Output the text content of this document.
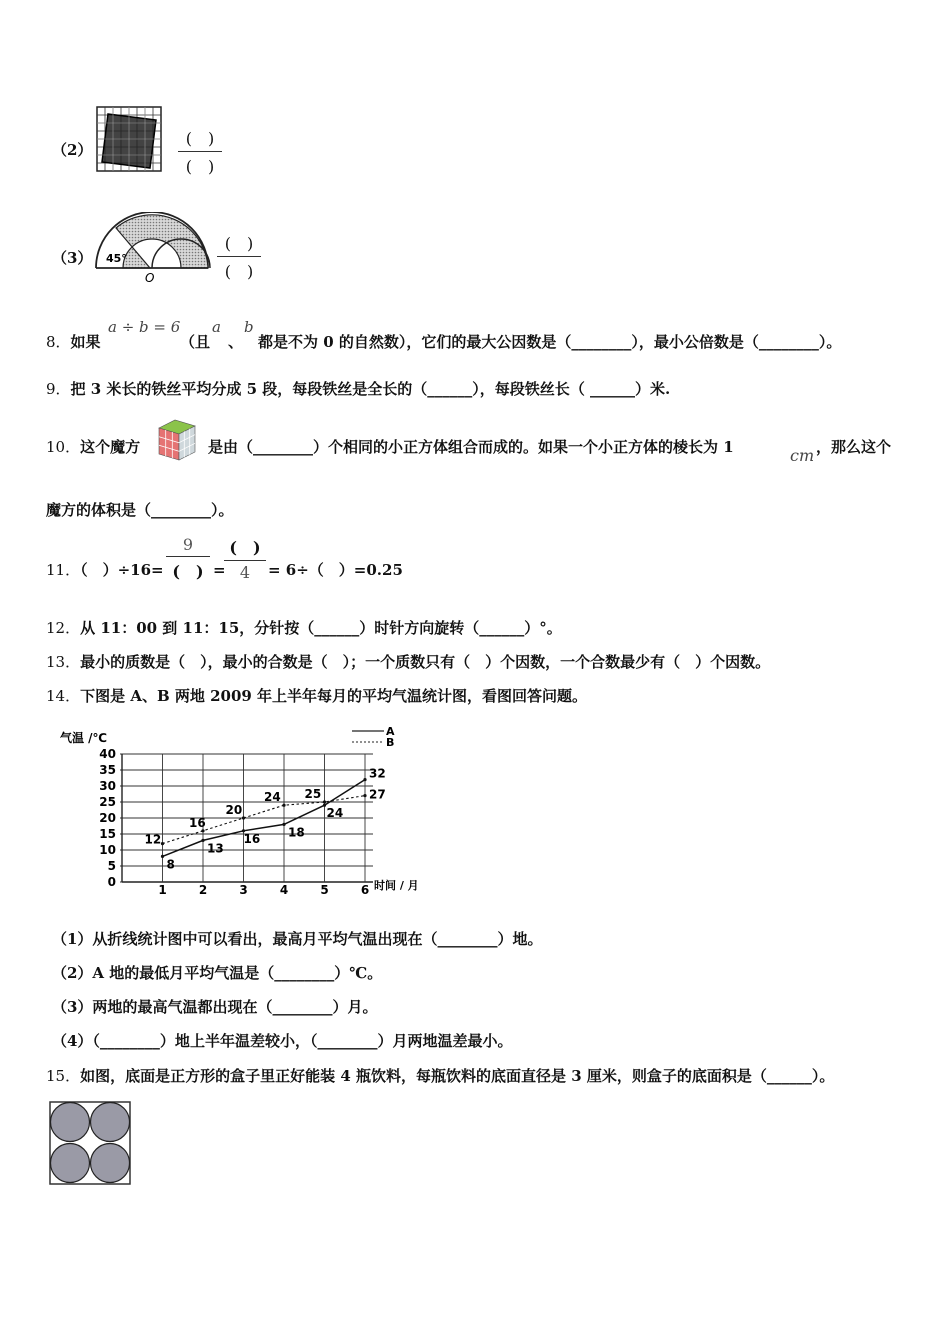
（2）
(　)
(　)
（3） 45°
O
(　)
(　)
8．如果
a ÷ b = 6
（且
a
、
b
都是不为 0 的自然数），它们的最大公因数是（________），最小公倍数是（________）。
9．把 3 米长的铁丝平均分成 5 段，每段铁丝是全长的（______），每段铁丝长（ ______）米.
10．这个魔方	是由（________）个相同的小正方体组合而成的。如果一个小正方体的棱长为 1	cm ，那么这个
魔方的体积是（________）。
11．（　）÷16=
9
(　) =
(　)
4	= 6÷（　）=0.25
12．从 11：00 到 11：15，分针按（______）时针方向旋转（______）°。
13．最小的质数是（　），最小的合数是（　）；一个质数只有（　）个因数，一个合数最少有（　）个因数。
14．下图是 A、B 两地 2009 年上半年每月的平均气温统计图，看图回答问题。
气温 /℃
时间 / 月
A
B
0
5
10
15
20
25
30
35
40
1	2	3	4	5	6
8
13
16 18
24
32
12
16
20
24 25	27
（1）从折线统计图中可以看出，最高月平均气温出现在（________）地。
（2）A 地的最低月平均气温是（________）℃。
（3）两地的最高气温都出现在（________）月。
（4）（________）地上半年温差较小，（________）月两地温差最小。
15．如图，底面是正方形的盒子里正好能装 4 瓶饮料，每瓶饮料的底面直径是 3 厘米，则盒子的底面积是（______）。
